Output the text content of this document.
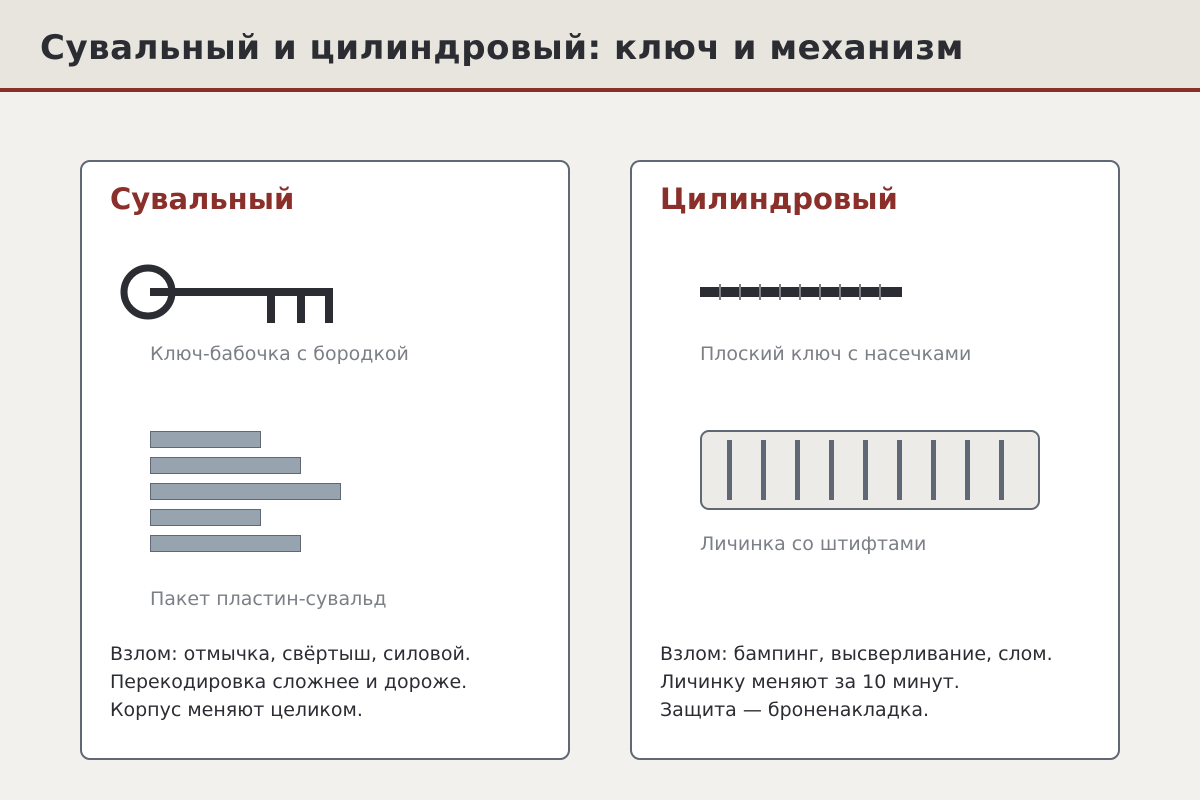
Сувальный и цилиндровый: ключ и механизм
Сувальный
Ключ-бабочка с бородкой
Пакет пластин-сувальд
Взлом: отмычка, свёртыш, силовой.
Перекодировка сложнее и дороже.
Корпус меняют целиком.
Цилиндровый
Плоский ключ с насечками
Личинка со штифтами
Взлом: бампинг, высверливание, слом.
Личинку меняют за 10 минут.
Защита — броненакладка.
